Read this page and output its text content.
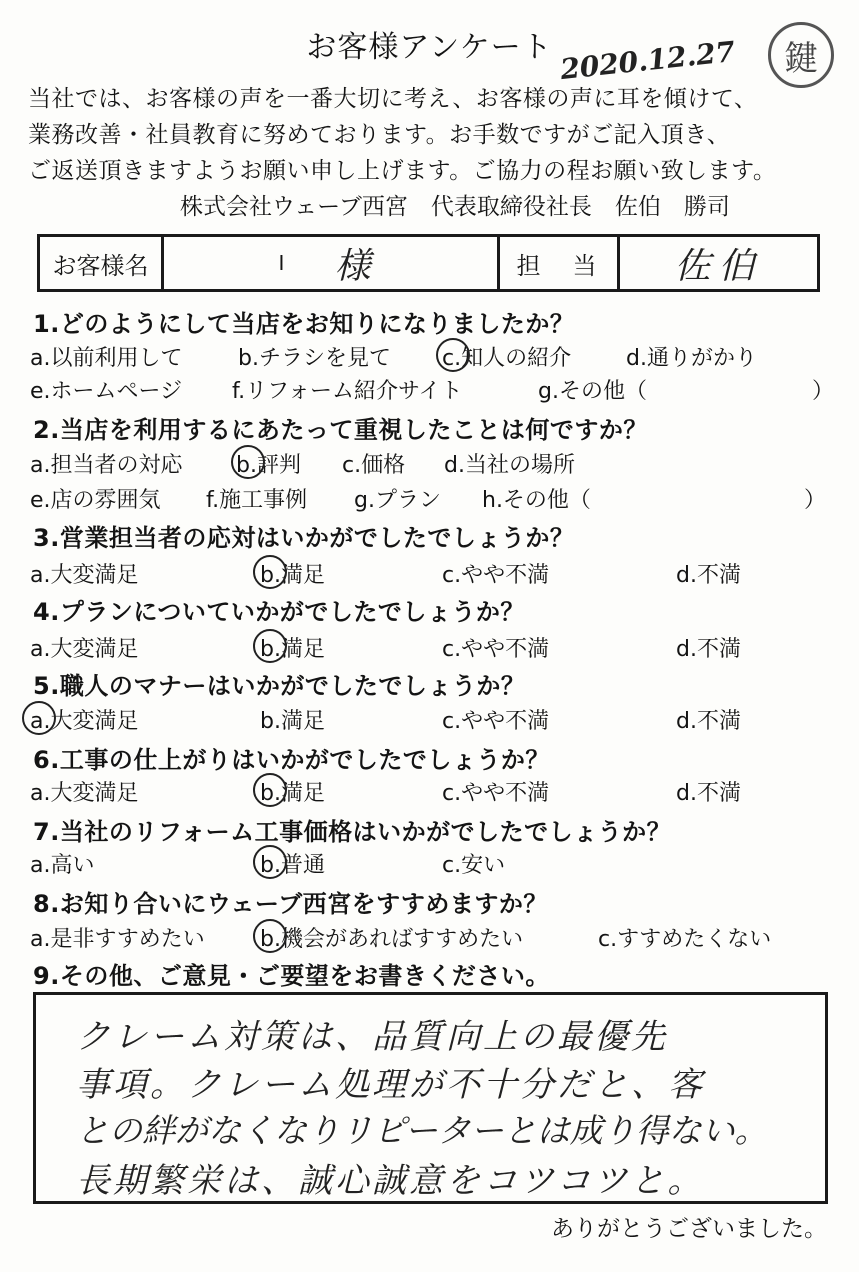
お客様アンケート 2020.12.27 鍵
当社では、お客様の声を一番大切に考え、お客様の声に耳を傾けて、
業務改善・社員教育に努めております。お手数ですがご記入頂き、
ご返送頂きますようお願い申し上げます。ご協力の程お願い致します。
株式会社ウェーブ西宮　代表取締役社長　佐伯　勝司
お客様名	I 様	担　当	佐伯
1.どのようにして当店をお知りになりましたか？
a.以前利用して	b.チラシを見て c.知人の紹介 d.通りがかり
e.ホームページ f.リフォーム紹介サイト	g.その他（	）
2.当店を利用するにあたって重視したことは何ですか？
a.担当者の対応 b.評判 c.価格 d.当社の場所
e.店の雰囲気 f.施工事例 g.プラン h.その他（	）
3.営業担当者の応対はいかがでしたでしょうか？
a.大変満足	b.満足	c.やや不満	d.不満
4.プランについていかがでしたでしょうか？
a.大変満足	b.満足	c.やや不満	d.不満
5.職人のマナーはいかがでしたでしょうか？
a.大変満足	b.満足	c.やや不満	d.不満
6.工事の仕上がりはいかがでしたでしょうか？
a.大変満足	b.満足	c.やや不満	d.不満
7.当社のリフォーム工事価格はいかがでしたでしょうか？
a.高い	b.普通	c.安い
8.お知り合いにウェーブ西宮をすすめますか？
a.是非すすめたい	b.機会があればすすめたい	c.すすめたくない
9.その他、ご意見・ご要望をお書きください。
クレーム対策は、品質向上の最優先
事項。クレーム処理が不十分だと、客
との絆がなくなりリピーターとは成り得ない。
長期繁栄は、誠心誠意をコツコツと。
ありがとうございました。
